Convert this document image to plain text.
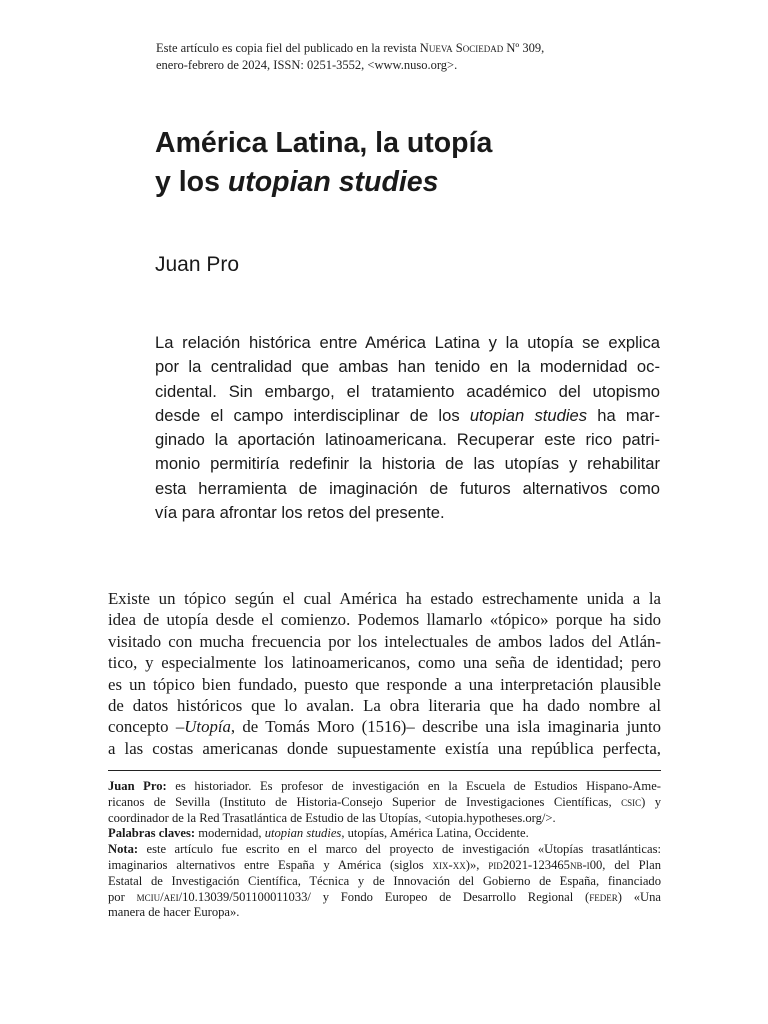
Este artículo es copia fiel del publicado en la revista Nueva Sociedad Nº 309,
enero-febrero de 2024, ISSN: 0251-3552, <www.nuso.org>.
América Latina, la utopía
y los utopian studies
Juan Pro
La relación histórica entre América Latina y la utopía se explica
por la centralidad que ambas han tenido en la modernidad oc-
cidental. Sin embargo, el tratamiento académico del utopismo
desde el campo interdisciplinar de los utopian studies ha mar-
ginado la aportación latinoamericana. Recuperar este rico patri-
monio permitiría redefinir la historia de las utopías y rehabilitar
esta herramienta de imaginación de futuros alternativos como
vía para afrontar los retos del presente.
Existe un tópico según el cual América ha estado estrechamente unida a la
idea de utopía desde el comienzo. Podemos llamarlo «tópico» porque ha sido
visitado con mucha frecuencia por los intelectuales de ambos lados del Atlán-
tico, y especialmente los latinoamericanos, como una seña de identidad; pero
es un tópico bien fundado, puesto que responde a una interpretación plausible
de datos históricos que lo avalan. La obra literaria que ha dado nombre al
concepto –Utopía, de Tomás Moro (1516)– describe una isla imaginaria junto
a las costas americanas donde supuestamente existía una república perfecta,
Juan Pro: es historiador. Es profesor de investigación en la Escuela de Estudios Hispano-Ame-
ricanos de Sevilla (Instituto de Historia-Consejo Superior de Investigaciones Científicas, csic) y
coordinador de la Red Trasatlántica de Estudio de las Utopías, <utopia.hypotheses.org/>.
Palabras claves: modernidad, utopian studies, utopías, América Latina, Occidente.
Nota: este artículo fue escrito en el marco del proyecto de investigación «Utopías trasatlánticas:
imaginarios alternativos entre España y América (siglos xix-xx)», pid2021-123465nb-i00, del Plan
Estatal de Investigación Científica, Técnica y de Innovación del Gobierno de España, financiado
por mciu/aei/10.13039/501100011033/ y Fondo Europeo de Desarrollo Regional (feder) «Una
manera de hacer Europa».
